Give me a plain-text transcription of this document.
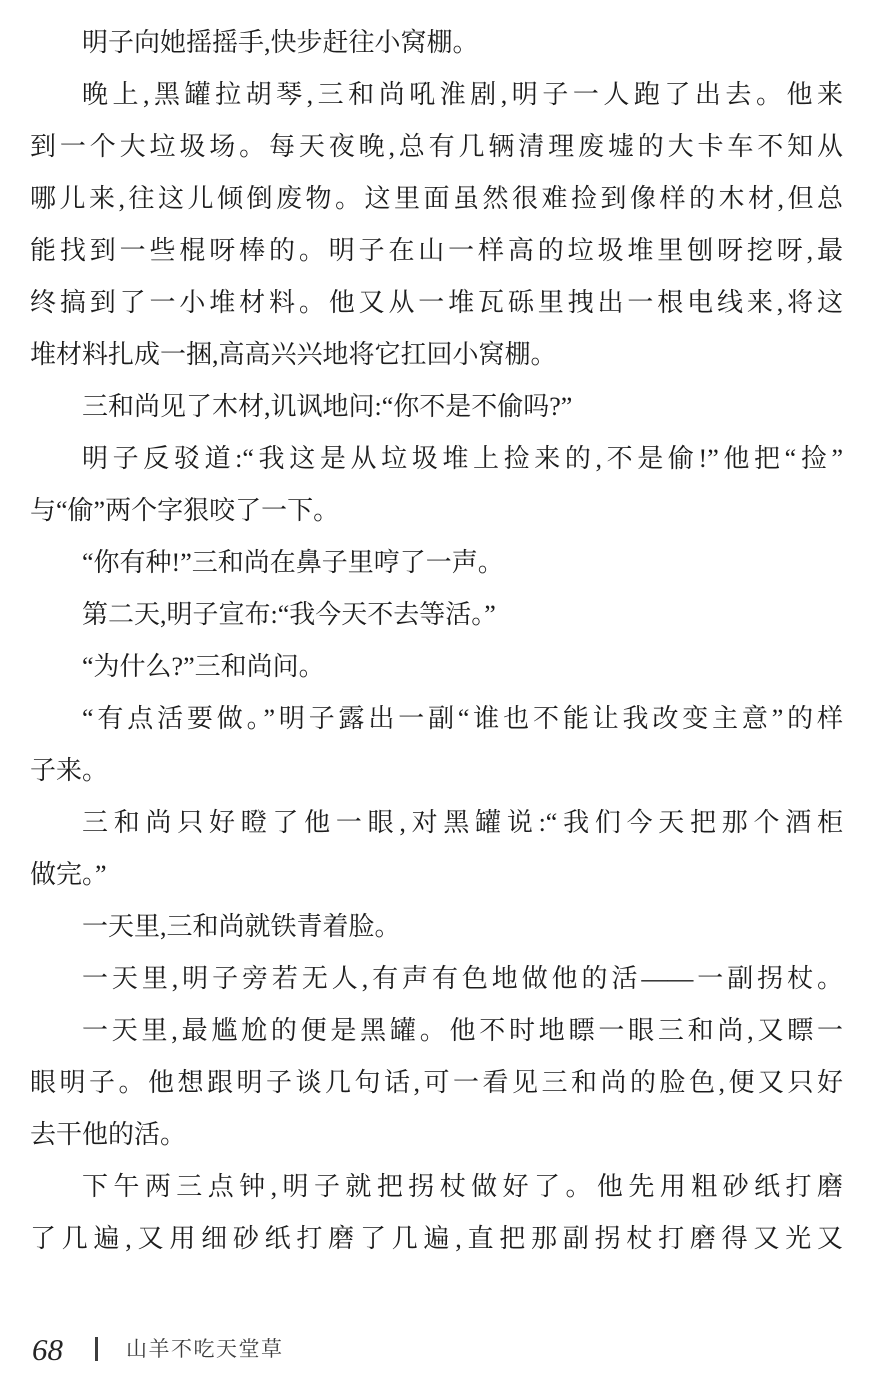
明子向她摇摇手,快步赶往小窝棚。
晚上,黑罐拉胡琴,三和尚吼淮剧,明子一人跑了出去。他来
到一个大垃圾场。每天夜晚,总有几辆清理废墟的大卡车不知从
哪儿来,往这儿倾倒废物。这里面虽然很难捡到像样的木材,但总
能找到一些棍呀棒的。明子在山一样高的垃圾堆里刨呀挖呀,最
终搞到了一小堆材料。他又从一堆瓦砾里拽出一根电线来,将这
堆材料扎成一捆,高高兴兴地将它扛回小窝棚。
三和尚见了木材,讥讽地问:“你不是不偷吗?”
明子反驳道:“我这是从垃圾堆上捡来的,不是偷!”他把“捡”
与“偷”两个字狠咬了一下。
“你有种!”三和尚在鼻子里哼了一声。
第二天,明子宣布:“我今天不去等活。”
“为什么?”三和尚问。
“有点活要做。”明子露出一副“谁也不能让我改变主意”的样
子来。
三和尚只好瞪了他一眼,对黑罐说:“我们今天把那个酒柜
做完。”
一天里,三和尚就铁青着脸。
一天里,明子旁若无人,有声有色地做他的活——一副拐杖。
一天里,最尴尬的便是黑罐。他不时地瞟一眼三和尚,又瞟一
眼明子。他想跟明子谈几句话,可一看见三和尚的脸色,便又只好
去干他的活。
下午两三点钟,明子就把拐杖做好了。他先用粗砂纸打磨
了几遍,又用细砂纸打磨了几遍,直把那副拐杖打磨得又光又
68	山羊不吃天堂草
